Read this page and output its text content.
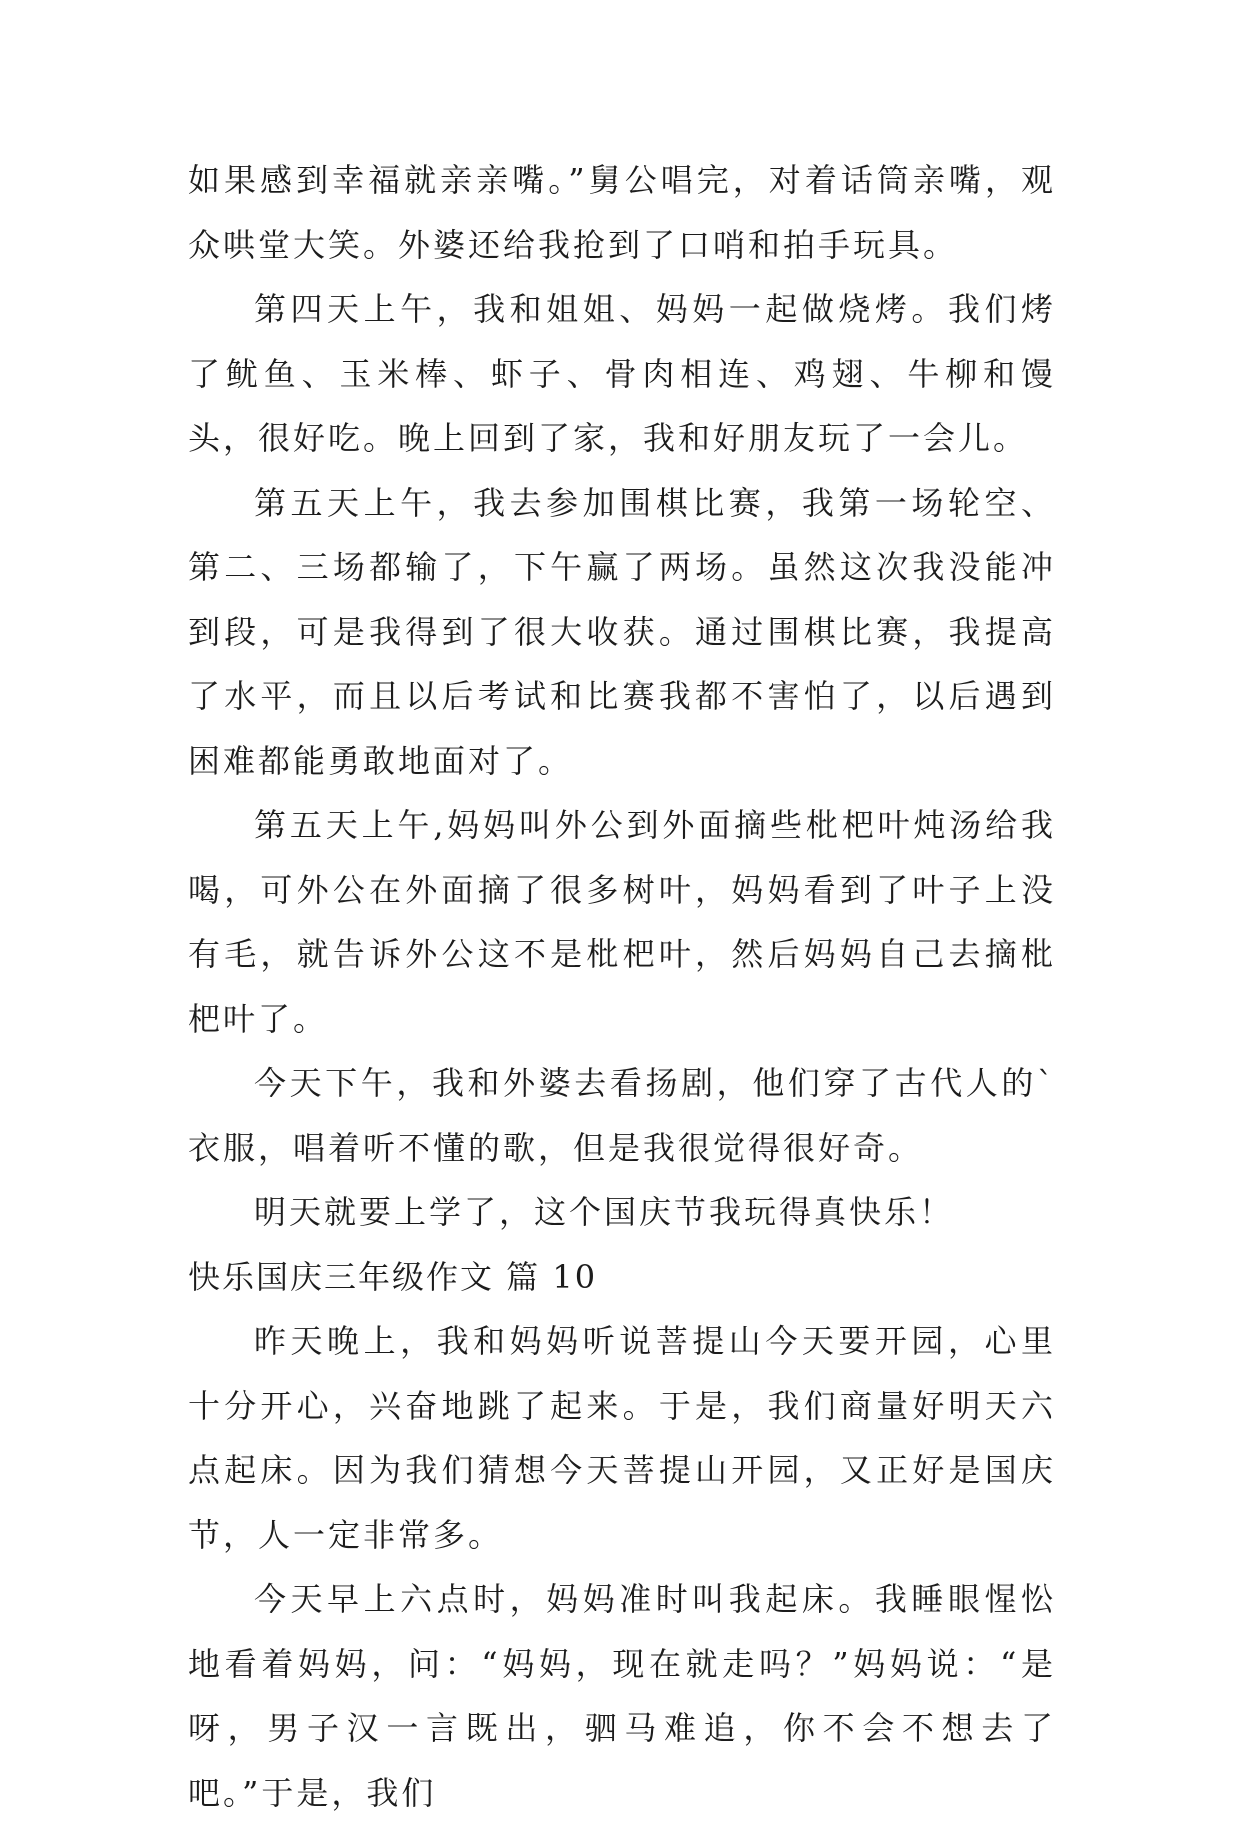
如果感到幸福就亲亲嘴。”舅公唱完，对着话筒亲嘴，观众哄堂大笑。外婆还给我抢到了口哨和拍手玩具。

第四天上午，我和姐姐、妈妈一起做烧烤。我们烤了鱿鱼、玉米棒、虾子、骨肉相连、鸡翅、牛柳和馒头，很好吃。晚上回到了家，我和好朋友玩了一会儿。

第五天上午，我去参加围棋比赛，我第一场轮空、第二、三场都输了，下午赢了两场。虽然这次我没能冲到段，可是我得到了很大收获。通过围棋比赛，我提高了水平，而且以后考试和比赛我都不害怕了，以后遇到困难都能勇敢地面对了。

第五天上午,妈妈叫外公到外面摘些枇杷叶炖汤给我喝，可外公在外面摘了很多树叶，妈妈看到了叶子上没有毛，就告诉外公这不是枇杷叶，然后妈妈自己去摘枇杷叶了。

今天下午，我和外婆去看扬剧，他们穿了古代人的`衣服，唱着听不懂的歌，但是我很觉得很好奇。

明天就要上学了，这个国庆节我玩得真快乐！

快乐国庆三年级作文 篇 10

昨天晚上，我和妈妈听说菩提山今天要开园，心里十分开心，兴奋地跳了起来。于是，我们商量好明天六点起床。因为我们猜想今天菩提山开园，又正好是国庆节，人一定非常多。

今天早上六点时，妈妈准时叫我起床。我睡眼惺忪地看着妈妈，问：“妈妈，现在就走吗？”妈妈说：“是呀，男子汉一言既出，驷马难追，你不会不想去了吧。”于是，我们
